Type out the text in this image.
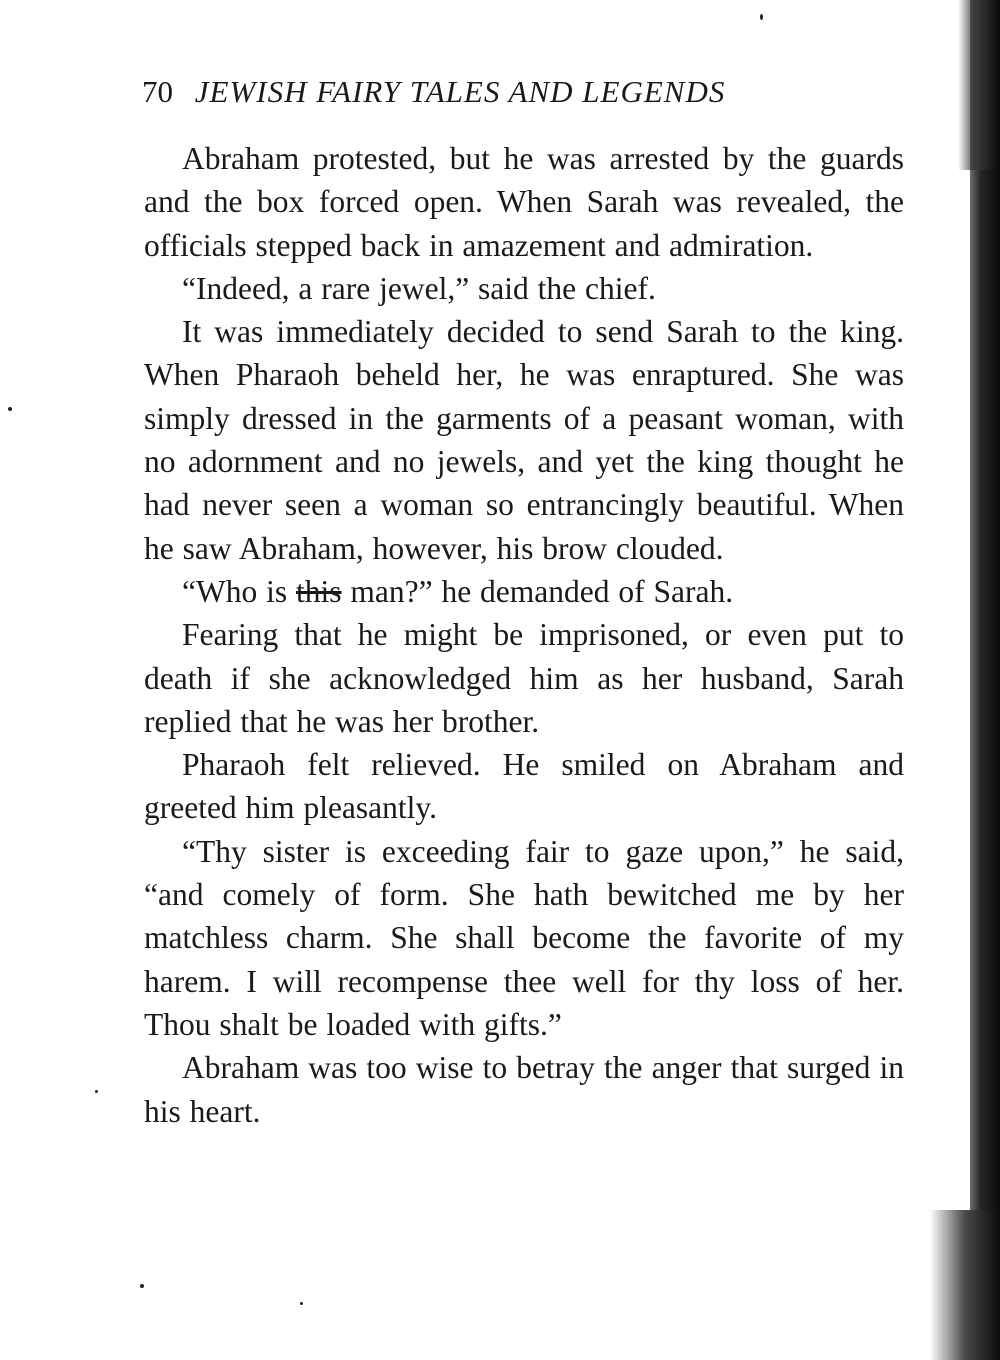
70 JEWISH FAIRY TALES AND LEGENDS

Abraham protested, but he was arrested by the guards and the box forced open. When Sarah was revealed, the officials stepped back in amazement and admiration.

“Indeed, a rare jewel,” said the chief.

It was immediately decided to send Sarah to the king. When Pharaoh beheld her, he was enraptured. She was simply dressed in the garments of a peasant woman, with no adornment and no jewels, and yet the king thought he had never seen a woman so entrancingly beautiful. When he saw Abraham, however, his brow clouded.

“Who is this man?” he demanded of Sarah.

Fearing that he might be imprisoned, or even put to death if she acknowledged him as her husband, Sarah replied that he was her brother.

Pharaoh felt relieved. He smiled on Abraham and greeted him pleasantly.

“Thy sister is exceeding fair to gaze upon,” he said, “and comely of form. She hath bewitched me by her matchless charm. She shall become the favorite of my harem. I will recompense thee well for thy loss of her. Thou shalt be loaded with gifts.”

Abraham was too wise to betray the anger that surged in his heart.
